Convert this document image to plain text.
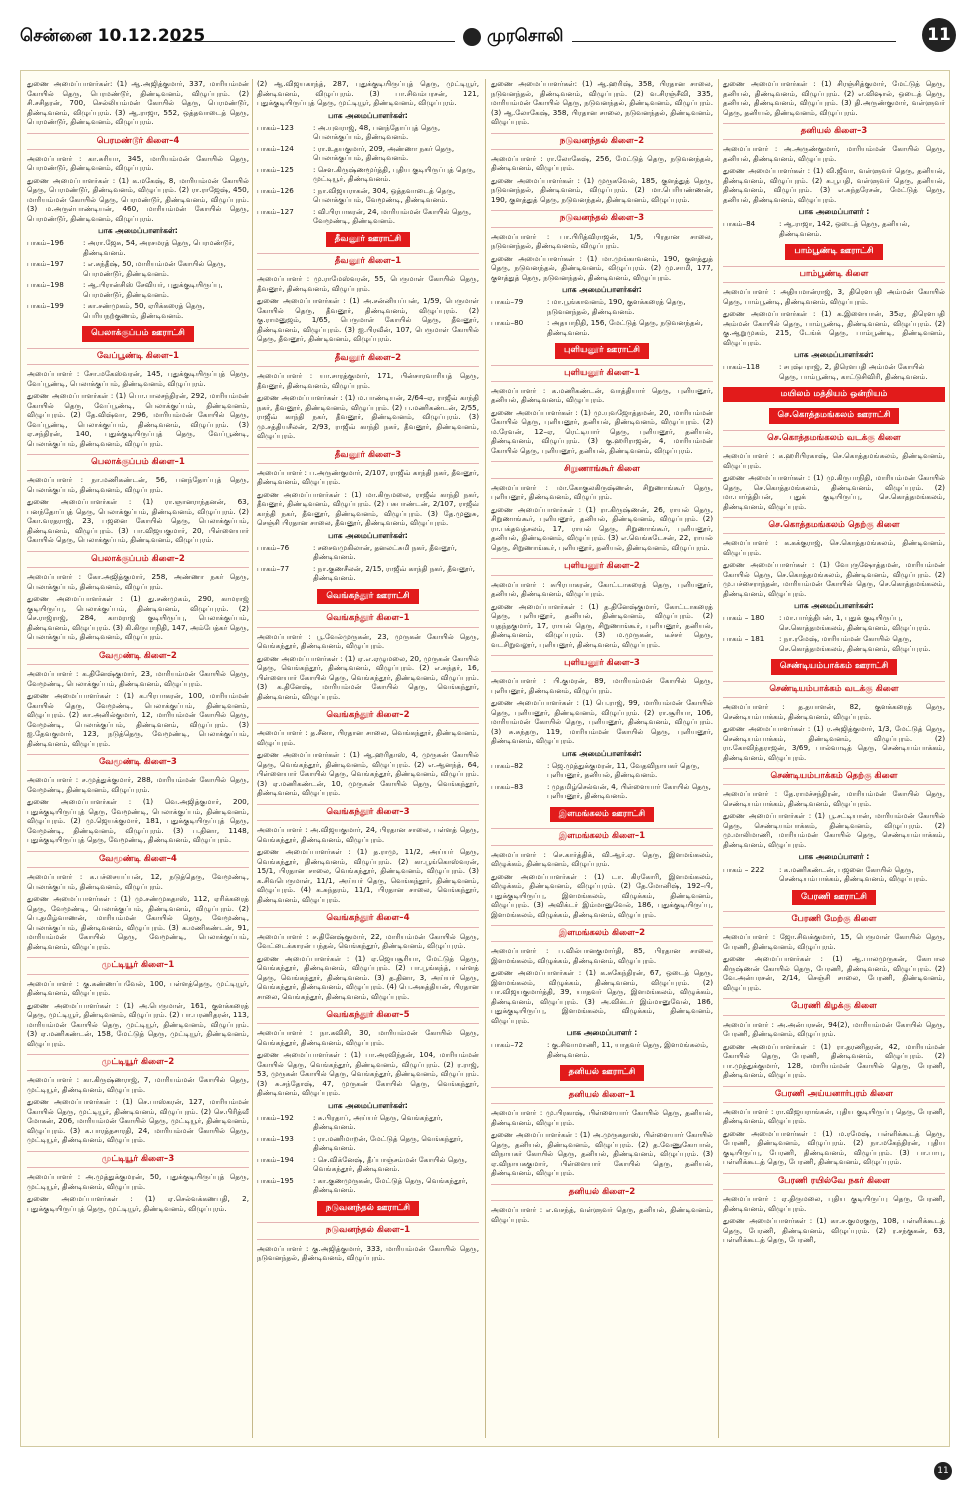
சென்னை 10.12.2025	முரசொலி	11

துணை அமைப்பாளர்கள்: (1) ஆ.அஜித்குமார், 337, மாரியம்மன் கோயில் தெரு, பெரமண்டூர், திண்டிவனம், விழுப்புரம். (2) சி.சசிதரன், 700, செல்லியம்மன் கோயில் தெரு, பெரமண்டூர், திண்டிவனம், விழுப்புரம். (3) ஆ.ராஜா, 552, ஒத்தவாடைத் தெரு, பெரமண்டூர், திண்டிவனம், விழுப்புரம்.

பெரமண்டூர் கிளை–4

அமைப்பாளர் : கா.சுரியா, 345, மாரியம்மன் கோயில் தெரு, பெரமண்டூர், திண்டிவனம், விழுப்புரம்.

துணை அமைப்பாளர்கள் : (1) க.மகேஷ், 8, மாரியம்மன் கோயில் தெரு, பெரமண்டூர், திண்டிவனம், விழுப்புரம். (2) ரா.ராஜேஷ், 450, மாரியம்மன் கோயில் தெரு, பெரமண்டூர், திண்டிவனம், விழுப்புரம். (3) ம.அருள்பாண்டியன், 460, மாரியம்மன் கோயில் தெரு, பெரமண்டூர், திண்டிவனம், விழுப்புரம்.

பாக அமைப்பாளர்கள்:
பாகம்–196	: அரா.ஜேசு, 54, அரசமரத் தெரு, பெரமண்டூர், திண்டிவனம்.
பாகம்–197	: எ.சுந்தீஷ், 50, மாரியம்மன் கோயில் தெரு, பெரமண்டூர், திண்டிவனம்.
பாகம்–198	: ஆ.பிரான்சிஸ் சேவியர், புதுக்குடியிருப்பு, பெரமண்டூர், திண்டிவனம்.
பாகம்–199	: கா.சண்முகம், 50, ஏரிக்கரைத் தெரு, பெரியநற்குணம், திண்டிவனம்.
பெலாக்குப்பம் ஊராட்சி
வேப்பூண்டி கிளை–1

அமைப்பாளர் : சோ.மகேஸ்வரன், 145, புதுக்குடியிருப்புத் தெரு, வேப்பூண்டி, பெலாக்குப்பம், திண்டிவனம், விழுப்புரம்.

துணை அமைப்பாளர்கள் : (1) பொ.பாலசந்திரன், 292, மாரியம்மன் கோயில் தெரு, வேப்பூண்டி, பெலாக்குப்பம், திண்டிவனம், விழுப்புரம். (2) தே.விஷ்வா, 296, மாரியம்மன் கோயில் தெரு, வேப்பூண்டி, பெலாக்குப்பம், திண்டிவனம், விழுப்புரம். (3) ஏ.சந்திரன், 140, புதுக்குடியிருப்புத் தெரு, வேப்பூண்டி, பெலாக்குப்பம், திண்டிவனம், விழுப்புரம்.

பெலாக்குப்பம் கிளை–1

அமைப்பாளர் : நா.மணிகண்டன், 56, பனந்தோப்புத் தெரு, பெலாக்குப்பம், திண்டிவனம், விழுப்புரம்.

துணை அமைப்பாளர்கள் : (1) ரா.ஞானராந்தனன், 63, பனந்தோப்புத் தெரு, பெலாக்குப்பம், திண்டிவனம், விழுப்புரம். (2) கோ.வரதராஜ், 23, பஜனை கோயில் தெரு, பெலாக்குப்பம், திண்டிவனம், விழுப்புரம். (3) பா.விஜயகுமார், 20, பிள்ளையார் கோயில் தெரு, பெலாக்குப்பம், திண்டிவனம், விழுப்புரம்.

பெலாக்குப்பம் கிளை–2

அமைப்பாளர் : கோ.அஜித்குமார், 258, அண்ணா நகர் தெரு, பெலாக்குப்பம், திண்டிவனம், விழுப்புரம்.

துணை அமைப்பாளர்கள் : (1) து.சண்முகம், 290, காமராஜ் குடியிருப்பு, பெலாக்குப்பம், திண்டிவனம், விழுப்புரம். (2) செ.ராஜ்ராஜ், 284, காமராஜ் குடியிருப்பு, பெலாக்குப்பம், திண்டிவனம், விழுப்புரம். (3) கி.கிருபாநிதி, 147, அம்பேத்கர் தெரு, பெலாக்குப்பம், திண்டிவனம், விழுப்புரம்.

வேமூண்டி கிளை–2

அமைப்பாளர் : க.தினேஷ்குமார், 23, மாரியம்மன் கோயில் தெரு, வேமூண்டி, பெலாக்குப்பம், திண்டிவனம், விழுப்புரம்.

துணை அமைப்பாளர்கள் : (1) க.பிரபாகரன், 100, மாரியம்மன் கோயில் தெரு, வேமூண்டி, பெலாக்குப்பம், திண்டிவனம், விழுப்புரம். (2) கா.அனில்குமார், 12, மாரியம்மன் கோயில் தெரு, வேமூண்டி, பெலாக்குப்பம், திண்டிவனம், விழுப்புரம். (3) ஐ.தேவகுமார், 123, நடுத்தெரு, வேமூண்டி, பெலாக்குப்பம், திண்டிவனம், விழுப்புரம்.

வேமூண்டி கிளை–3

அமைப்பாளர் : ச.முத்துக்குமார், 288, மாரியம்மன் கோயில் தெரு, வேமூண்டி, திண்டிவனம், விழுப்புரம்.

துணை அமைப்பாளர்கள் : (1) வெ.அஜித்குமார், 200, புதுக்குடியிருப்புத் தெரு, வேமூண்டி, பெலாக்குப்பம், திண்டிவனம், விழுப்புரம். (2) மு.ஜெயக்குமார், 181, புதுக்குடியிருப்புத் தெரு, வேமூண்டி, திண்டிவனம், விழுப்புரம். (3) ப.தினா, 1148, புதுக்குடியிருப்புத் தெரு, வேமூண்டி, திண்டிவனம், விழுப்புரம்.

வேமூண்டி கிளை–4

அமைப்பாளர் : க.பச்சையப்பன், 12, நடுத்தெரு, வேமூண்டி, பெலாக்குப்பம், திண்டிவனம், விழுப்புரம்.

துணை அமைப்பாளர்கள் : (1) மு.சண்முகதாஸ், 112, ஏரிக்கரைத் தெரு, வேமூண்டி, பெலாக்குப்பம், திண்டிவனம், விழுப்புரம். (2) பெ.தமிழ்வாணன், மாரியம்மன் கோயில் தெரு, வேமூண்டி, பெலாக்குப்பம், திண்டிவனம், விழுப்புரம். (3) க.மணிகண்டன், 91, மாரியம்மன் கோயில் தெரு, வேமூண்டி, பெலாக்குப்பம், திண்டிவனம், விழுப்புரம்.

முட்டியூர் கிளை–1

அமைப்பாளர் : கு.கண்ணப்பவேல், 100, பள்ளத்தெரு, முட்டியூர், திண்டிவனம், விழுப்புரம்.

துணை அமைப்பாளர்கள் : (1) அ.பெருமாள், 161, குளக்கரைத் தெரு, முட்டியூர், திண்டிவனம், விழுப்புரம். (2) பா.பரணிதரன், 113, மாரியம்மன் கோயில் தெரு, முட்டியூர், திண்டிவனம், விழுப்புரம். (3) ஏ.மணிகண்டன், 158, மேட்டுத் தெரு, முட்டியூர், திண்டிவனம், விழுப்புரம்.

முட்டியூர் கிளை–2

அமைப்பாளர் : கா.கிருஷ்ணராஜ், 7, மாரியம்மன் கோயில் தெரு, முட்டியூர், திண்டிவனம், விழுப்புரம்.

துணை அமைப்பாளர்கள் : (1) செ.பாஸ்கரன், 127, மாரியம்மன் கோயில் தெரு, முட்டியூர், திண்டிவனம், விழுப்புரம். (2) செ.பிரித்வீ மோகன், 206, மாரியம்மன் கோயில் தெரு, முட்டியூர், திண்டிவனம், விழுப்புரம். (3) க.பாரத்தசாரதி, 24, மாரியம்மன் கோயில் தெரு, முட்டியூர், திண்டிவனம், விழுப்புரம்.

முட்டியூர் கிளை–3

அமைப்பாளர் : அ.முத்துக்குமரன், 50, புதுக்குடியிருப்புத் தெரு, முட்டியூர், திண்டிவனம், விழுப்புரம்.

துணை அமைப்பாளர்கள் : (1) ஏ.செல்வக்கணபதி, 2, புதுக்குடியிருப்புத் தெரு, முட்டியூர், திண்டிவனம், விழுப்புரம்.

(2) ஆ.விஜயகாந்த், 287, புதுக்குடியிருப்புத் தெரு, முட்டியூர், திண்டிவனம், விழுப்புரம். (3) பா.சிவம்பரசன், 121, புதுக்குடியிருப்புத் தெரு, முட்டியூர், திண்டிவனம், விழுப்புரம்.

பாக அமைப்பாளர்கள்:
பாகம்–123	: அ.யுவராஜ், 48, பனந்தோப்புத் தெரு, பெலாக்குப்பம், திண்டிவனம்.
பாகம்–124	: ரா.உதயகுமார், 209, அண்ணா நகர் தெரு, பெலாக்குப்பம், திண்டிவனம்.
பாகம்–125	: செள.கிருஷ்ணமூர்த்தி, புதிய குடியிருப்புத் தெரு, முட்டியூர், திண்டிவனம்.
பாகம்–126	: நா.விஜயராகன், 304, ஒத்தவாடைத் தெரு, பெலாக்குப்பம், வேமூண்டி, திண்டிவனம்.
பாகம்–127	: வி.பிரபாகரன், 24, மாரியம்மன் கோயில் தெரு, வேமூண்டி, திண்டிவனம்.
தீவனூர் ஊராட்சி
தீவனூர் கிளை–1

அமைப்பாளர் : மு.ராமேஸ்வரன், 55, பெருமாள் கோயில் தெரு, தீவனூர், திண்டிவனம், விழுப்புரம்.

துணை அமைப்பாளர்கள் : (1) அ.சன்னியப்பன், 1/59, பெருமாள் கோயில் தெரு, தீவனூர், திண்டிவனம், விழுப்புரம். (2) கு.ராமனுஜம், 1/65, பெருமாள் கோயில் தெரு, தீவனூர், திண்டிவனம், விழுப்புரம். (3) ஐ.பிரவீன், 107, பெருமாள் கோயில் தெரு, தீவனூர், திண்டிவனம், விழுப்புரம்.

தீவனூர் கிளை–2

அமைப்பாளர் : யா.சாரத்குமார், 171, பின்சாரவாரியத் தெரு, தீவனூர், திண்டிவனம், விழுப்புரம்.

துணை அமைப்பாளர்கள் : (1) ம.பாண்டியன், 2/64–ஏ, ராஜீவ் காந்தி நகர், தீவனூர், திண்டிவனம், விழுப்புரம். (2) ப.மணிகண்டன், 2/55, ராஜீவ் காந்தி நகர், தீவனூர், திண்டிவனம், விழுப்புரம். (3) மு.சத்தியசீலன், 2/93, ராஜீவ் காந்தி நகர், தீவனூர், திண்டிவனம், விழுப்புரம்.

தீவனூர் கிளை–3

அமைப்பாளர் : ப.அருண்குமார், 2/107, ராஜீவ் காந்தி நகர், தீவனூர், திண்டிவனம், விழுப்புரம்.

துணை அமைப்பாளர்கள் : (1) மா.கிருமலை, ராஜீவ் காந்தி நகர், தீவனூர், திண்டிவனம், விழுப்புரம். (2) பசுபாண்டன், 2/107, ராஜீவ் காந்தி நகர், தீவனூர், திண்டிவனம், விழுப்புரம். (3) தே.முனுசு, செஞ்சி பிரதான சாலை, தீவனூர், திண்டிவனம், விழுப்புரம்.

பாக அமைப்பாளர்கள்:
பாகம்–76	: சசைவமுகிலான், தனலட்சுமி நகர், தீவனூர், திண்டிவனம்.
பாகம்–77	: நா.குணசீலன், 2/15, ராஜீவ் காந்தி நகர், தீவனூர், திண்டிவனம்.
வெங்கந்தூர் ஊராட்சி
வெங்கந்தூர் கிளை–1

அமைப்பாளர் : பூ.வேல்முருகன், 23, முருகன் கோயில் தெரு, வெங்கந்தூர், திண்டிவனம், விழுப்புரம்.

துணை அமைப்பாளர்கள் : (1) ஏ.எ.ஏழுமலை, 20, முருகன் கோயில் தெரு, வெங்கந்தூர், திண்டிவனம், விழுப்புரம். (2) எ.சுந்தர், 16, பிள்ளையார் கோயில் தெரு, வெங்கந்தூர், திண்டிவனம், விழுப்புரம். (3) க.தினேஷ், மாரியம்மன் கோயில் தெரு, வெங்கந்தூர், திண்டிவனம், விழுப்புரம்.

வெங்கந்தூர் கிளை–2

அமைப்பாளர் : த.சீனா, பிரதான சாலை, வெங்கந்தூர், திண்டிவனம், விழுப்புரம்.

துணை அமைப்பாளர்கள் : (1) ஆ.ஹரிதாஸ், 4, முருகன் கோயில் தெரு, வெங்கந்தூர், திண்டிவனம், விழுப்புரம். (2) எ.ஆனந்த், 64, பிள்ளையார் கோயில் தெரு, வெங்கந்தூர், திண்டிவனம், விழுப்புரம். (3) ஏ.மணிகண்டன், 10, முருகன் கோயில் தெரு, வெங்கந்தூர், திண்டிவனம், விழுப்புரம்.

வெங்கந்தூர் கிளை–3

அமைப்பாளர் : அ.விஜயகுமார், 24, பிரதான சாலை, பள்ளத் தெரு, வெங்கந்தூர், திண்டிவனம், விழுப்புரம்.

துணை அமைப்பாளர்கள் : (1) த.ராமு, 11/2, அய்யர் தெரு, வெங்கந்தூர், திண்டிவனம், விழுப்புரம். (2) கா.பூங்கொஸ்வரன், 15/1, பிரதான சாலை, வெங்கந்தூர், திண்டிவனம், விழுப்புரம். (3) க.சிவபெருமாள், 11/1, அய்யர் தெரு, வெங்கந்தூர், திண்டிவனம், விழுப்புரம். (4) க.சுந்தரம், 11/1, பிரதான சாலை, வெங்கந்தூர், திண்டிவனம், விழுப்புரம்.

வெங்கந்தூர் கிளை–4

அமைப்பாளர் : ச.தினேஷ்குமார், 22, மாரியம்மன் கோயில் தெரு, வேட்டைக்காரன் பந்தல், வெங்கந்தூர், திண்டிவனம், விழுப்புரம்.

துணை அமைப்பாளர்கள் : (1) ஏ.ஜெயசூரியா, மேட்டுத் தெரு, வெங்கந்தூர், திண்டிவனம், விழுப்புரம். (2) பா.பூங்கந்த், பள்ளத் தெரு, வெங்கந்தூர், திண்டிவனம். (3) த.தினா, 3, அய்யர் தெரு, வெங்கந்தூர், திண்டிவனம், விழுப்புரம். (4) பெ.அசுத்தியன், பிரதான சாலை, வெங்கந்தூர், திண்டிவனம், விழுப்புரம்.

வெங்கந்தூர் கிளை–5

அமைப்பாளர் : நா.கவிசி, 30, மாரியம்மன் கோயில் தெரு, வெங்கந்தூர், திண்டிவனம், விழுப்புரம்.

துணை அமைப்பாளர்கள் : (1) பா.அரவிந்தன், 104, மாரியம்மன் கோயில் தெரு, வெங்கந்தூர், திண்டிவனம், விழுப்புரம். (2) ர.ராஜ், 53, முருகன் கோயில் தெரு, வெங்கந்தூர், திண்டிவனம், விழுப்புரம். (3) சு.சந்தோஷ், 47, முருகன் கோயில் தெரு, வெங்கந்தூர், திண்டிவனம், விழுப்புரம்.

பாக அமைப்பாளர்கள்:
பாகம்–192	: சு.பிரதாப், அய்யர் தெரு, வெங்கந்தூர், திண்டிவனம்.
பாகம்–193	: ரா.மணிமாறன், மேட்டுத் தெரு, வெங்கந்தூர், திண்டிவனம்.
பாகம்–194	: செ.விக்னேஷ், தீப்பாஞ்சம்மன் கோயில் தெரு, வெங்கந்தூர், திண்டிவனம்.
பாகம்–195	: கா.குணமுருகன், மேட்டுத் தெரு, வெங்கந்தூர், திண்டிவனம்.
நடுவனந்தல் ஊராட்சி
நடுவனந்தல் கிளை–1

அமைப்பாளர் : கு.அஜித்குமார், 333, மாரியம்மன் கோயில் தெரு, நடுவனந்தல், திண்டிவனம், விழுப்புரம்.

துணை அமைப்பாளர்கள்: (1) ஆ.ஹரிஷ், 358, பிரதான சாலை, நடுவனந்தல், திண்டிவனம், விழுப்புரம். (2) வ.சிரஞ்சீவி, 335, மாரியம்மன் கோயில் தெரு, நடுவனந்தல், திண்டிவனம், விழுப்புரம். (3) ஆ.லோகேஷ், 358, பிரதான சாலை, நடுவனந்தல், திண்டிவனம், விழுப்புரம்.

நடுவனந்தல் கிளை–2

அமைப்பாளர் : ரா.லோகேஷ், 256, மேட்டுத் தெரு, நடுவனந்தல், திண்டிவனம், விழுப்புரம்.

துணை அமைப்பாளர்கள் : (1) முருகவேல், 185, குளத்துத் தெரு, நடுவனந்தல், திண்டிவனம், விழுப்புரம். (2) மா.பெரியண்ணன், 190, குளத்துத் தெரு, நடுவனந்தல், திண்டிவனம், விழுப்புரம்.

நடுவனந்தல் கிளை–3

அமைப்பாளர் : பா.பிரித்விராஜன், 1/5, பிரதான சாலை, நடுவனந்தல், திண்டிவனம், விழுப்புரம்.

துணை அமைப்பாளர்கள் : (1) மா.முங்காவனம், 190, குளத்துத் தெரு, நடுவனந்தல், திண்டிவனம், விழுப்புரம். (2) மு.சாமி, 177, குளத்துத் தெரு, நடுவனந்தல், திண்டிவனம், விழுப்புரம்.

பாக அமைப்பாளர்கள்:
பாகம்–79	: மா.பூங்காவனம், 190, குளக்கரைத் தெரு, நடுவனந்தல், திண்டிவனம்.
பாகம்–80	: அதயாநிதி, 156, மேட்டுத் தெரு, நடுவனந்தல், திண்டிவனம்.
புளியனூர் ஊராட்சி
புளியனூர் கிளை–1

அமைப்பாளர் : க.மணிகண்டன், வாத்தியார் தெரு, புளியனூர், தனியல், திண்டிவனம், விழுப்புரம்.

துணை அமைப்பாளர்கள் : (1) மு.யுவஜோத்தமன், 20, மாரியம்மன் கோயில் தெரு, புளியனூர், தனியல், திண்டிவனம், விழுப்புரம். (2) ம.ரேவன், 12–ஏ, ரெட்டியார் தெரு, புளியனூர், தனியல், திண்டிவனம், விழுப்புரம். (3) கு.ஹரிராஜன், 4, மாரியம்மன் கோயில் தெரு, புளியனூர், தனியல், திண்டிவனம், விழுப்புரம்.

சிறுணாங்கூர் கிளை

அமைப்பாளர் : மா.கோகுலகிருஷ்ணன், சிறுணாங்கூர் தெரு, புளியனூர், திண்டிவனம், விழுப்புரம்.

துணை அமைப்பாளர்கள் : (1) ரா.கிருஷ்ணன், 26, ராயல் தெரு, சிறுணாங்கூர், புளியனூர், தனியல், திண்டிவனம், விழுப்புரம். (2) ரா.பக்தவத்சலம், 17, ராயல் தெரு, சிறுணாங்கூர், புளியனூர், தனியல், திண்டிவனம், விழுப்புரம். (3) எ.வெங்கடேசன், 22, ராயல் தெரு, சிறுணாங்கூர், புளியனூர், தனியல், திண்டிவனம், விழுப்புரம்.

புளியனூர் கிளை–2

அமைப்பாளர் : சுபிரபாகரன், கோட்டாகரைத் தெரு, புளியனூர், தனியல், திண்டிவனம், விழுப்புரம்.

துணை அமைப்பாளர்கள் : (1) த.தினேஷ்குமார், கோட்டாகரைத் தெரு, புளியனூர், தனியல், திண்டிவனம், விழுப்புரம். (2) யுதந்தகுமார், 17, ராயல் தெரு, சிறுணாங்கூர், புளியனூர், தனியல், திண்டிவனம், விழுப்புரம். (3) ம.முருகன், டீச்சர் தெரு, வடசிறுவலூர், புளியனூர், திண்டிவனம், விழுப்புரம்.

புளியனூர் கிளை–3

அமைப்பாளர் : பி.குமரன், 89, மாரியம்மன் கோயில் தெரு, புளியனூர், திண்டிவனம், விழுப்புரம்.

துணை அமைப்பாளர்கள் : (1) பெ.ராஜ், 99, மாரியம்மன் கோயில் தெரு, புளியனூர், திண்டிவனம், விழுப்புரம். (2) ரா.சூரியா, 106, மாரியம்மன் கோயில் தெரு, புளியனூர், திண்டிவனம், விழுப்புரம். (3) சு.சுந்தரு, 119, மாரியம்மன் கோயில் தெரு, புளியனூர், திண்டிவனம், விழுப்புரம்.

பாக அமைப்பாளர்கள்:
பாகம்–82	: ஜெ.முத்துக்குமரன், 11, வேதவிநாயகர் தெரு, புளியனூர், தனியல், திண்டிவனம்.
பாகம்–83	: முதமிழ்செல்வன், 4, பிள்ளையார் கோயில் தெரு, புளியனூர், திண்டிவனம்.
இளமங்கலம் ஊராட்சி
இளமங்கலம் கிளை–1

அமைப்பாளர் : செ.கார்த்திக், வி.ஆர்.ஏ. தெரு, இளமங்கலம், விழுக்கம், திண்டிவனம், விழுப்புரம்.

துணை அமைப்பாளர்கள் : (1) டா. கிரகோரி, இளமங்கலம், விழுக்கம், திண்டிவனம், விழுப்புரம். (2) தே.மோனிஷ், 192–பி, புதுக்குடியிருப்பு, இளமங்கலம், விழுக்கம், திண்டிவனம், விழுப்புரம். (3) அவிக்டர் இம்மானுவேல், 186, புதுக்குடியிருப்பு, இளமங்கலம், விழுக்கம், திண்டிவனம், விழுப்புரம்.

இளமங்கலம் கிளை–2

அமைப்பாளர் : ப.வில்பானகுமார்தி, 85, பிரதான சாலை, இளமங்கலம், விழுக்கம், திண்டிவனம், விழுப்புரம்.

துணை அமைப்பாளர்கள் : (1) க.சுகேந்திரன், 67, ஒடைத் தெரு, இளமங்கலம், விழுக்கம், திண்டிவனம், விழுப்புரம். (2) பா.விஜயகுமார்த்தி, 39, யாதவர் தெரு, இளமங்கலம், விழுக்கம், திண்டிவனம், விழுப்புரம். (3) அ.விக்டர் இம்மானுவேல், 186, புதுக்குடியிருப்பு, இளமங்கலம், விழுக்கம், திண்டிவனம், விழுப்புரம்.

பாக அமைப்பாளர் :
பாகம்–72	: கு.சிவாமாணி, 11, யாதவர் தெரு, இளமங்கலம், திண்டிவனம்.
தனியல் ஊராட்சி
தனியல் கிளை–1

அமைப்பாளர் : மு.பிரகாஷ், பிள்ளையார் கோயில் தெரு, தனியல், திண்டிவனம், விழுப்புரம்.

துணை அமைப்பாளர்கள் : (1) அ.முருகதாஸ், பிள்ளையார் கோயில் தெரு, தனியல், திண்டிவனம், விழுப்புரம். (2) த.வேணுகோபால், விநாயகர் கோயில் தெரு, தனியல், திண்டிவனம், விழுப்புரம். (3) ஏ.விநாயககுமார், பிள்ளையார் கோயில் தெரு, தனியல், திண்டிவனம், விழுப்புரம்.

தனியல் கிளை–2

அமைப்பாளர் : எ.வசந்த், வள்ளுவர் தெரு, தனியல், திண்டிவனம், விழுப்புரம்.

துணை அமைப்பாளர்கள் : (1) சிரஞ்சித்குமார், மேட்டுத் தெரு, தனியல், திண்டிவனம், விழுப்புரம். (2) எ.விஷால், ஒடைத் தெரு, தனியல், திண்டிவனம், விழுப்புரம். (3) தி.அருண்குமார், வள்ளுவர் தெரு, தனியல், திண்டிவனம், விழுப்புரம்.

தனியல் கிளை–3

அமைப்பாளர் : அ.அருண்குமார், மாரியம்மன் கோயில் தெரு, தனியல், திண்டிவனம், விழுப்புரம்.

துணை அமைப்பாளர்கள் : (1) வி.ஜீவா, வள்ளுவர் தெரு, தனியல், திண்டிவனம், விழுப்புரம். (2) க.பூபதி, வள்ளுவர் தெரு, தனியல், திண்டிவனம், விழுப்புரம். (3) எ.சுந்தரேசன், மேட்டுத் தெரு, தனியல், திண்டிவனம், விழுப்புரம்.

பாக அமைப்பாளர் :
பாகம்–84	: ஆ.ராஜா, 142, ஒடைத் தெரு, தனியல், திண்டிவனம்.
பாம்பூண்டி ஊராட்சி
பாம்பூண்டி கிளை

அமைப்பாளர் : அதியமான்ராஜ், 3, திரௌபதி அம்மன் கோயில் தெரு, பாம்பூண்டி, திண்டிவனம், விழுப்புரம்.

துணை அமைப்பாளர்கள் : (1) க.இளையான், 35ஏ, திரௌபதி அம்மன் கோயில் தெரு, பாம்பூண்டி, திண்டிவனம், விழுப்புரம். (2) கு.ஆறுமுகம், 215, டேங்க் தெரு, பாம்பூண்டி, திண்டிவனம், விழுப்புரம்.

பாக அமைப்பாளர்கள்:
பாகம்–118	: சபுஷ்பராஜ், 2, திரௌபதி அம்மன் கோயில் தெரு, பாம்பூண்டி, காட்டுசிவிரி, திண்டிவனம்.
மயிலம் மத்தியம் ஒன்றியம்
செ.கொத்தமங்கலம் ஊராட்சி
செ.கொத்தமங்கலம் வடக்கு கிளை

அமைப்பாளர் : க.ஹரிபிரகாஷ், செ.கொத்தமங்கலம், திண்டிவனம், விழுப்புரம்.

துணை அமைப்பாளர்கள் : (1) மு.கிருபாநிதி, மாரியம்மன் கோயில் தெரு, செ.கொத்தமங்கலம், திண்டிவனம், விழுப்புரம். (2) மா.பார்த்திபன், புதுக் குடியிருப்பு, செ.கொத்தமங்கலம், திண்டிவனம், விழுப்புரம்.

செ.கொத்தமங்கலம் தெற்கு கிளை

அமைப்பாளர் : க.கக்குராஜ், செ.கொத்தமங்கலம், திண்டிவனம், விழுப்புரம்.

துணை அமைப்பாளர்கள் : (1) வேபுருஷோத்தமன், மாரியம்மன் கோயில் தெரு, செ.கொத்தமங்கலம், திண்டிவனம், விழுப்புரம். (2) மு.பச்சைராந்தன், மாரியம்மன் கோயில் தெரு, செ.கொத்தமங்கலம், திண்டிவனம், விழுப்புரம்.

பாக அமைப்பாளர்கள்:
பாகம் – 180	: மா.பார்த்திபன், 1, புதுக் குடியிருப்பு, செ.கொத்தமங்கலம், திண்டிவனம், விழுப்புரம்.
பாகம் – 181	: நா.ரமேஷ், மாரியம்மன் கோயில் தெரு, செ.கொத்தமங்கலம், திண்டிவனம், விழுப்புரம்.
செண்டியம்பாக்கம் ஊராட்சி
செண்டியம்பாக்கம் வடக்கு கிளை

அமைப்பாளர் : த.தயாளன், 82, குளக்கரைத் தெரு, செண்டியம்பாக்கம், திண்டிவனம், விழுப்புரம்.

துணை அமைப்பாளர்கள் : (1) ர.அஜித்குமார், 1/3, மேட்டுத் தெரு, செண்டியம்பாக்கம், திண்டிவனம், விழுப்புரம். (2) ரா.கோவிந்தராஜன், 3/69, பால்வாடித் தெரு, செண்டியம்பாக்கம், திண்டிவனம், விழுப்புரம்.

செண்டியம்பாக்கம் தெற்கு கிளை

அமைப்பாளர் : தே.ராமச்சந்திரன், மாரியம்மன் கோயில் தெரு, செண்டியம்பாக்கம், திண்டிவனம், விழுப்புரம்.

துணை அமைப்பாளர்கள் : (1) பூ.சட்டியான், மாரியம்மன் கோயில் தெரு, செண்டியம்பாக்கம், திண்டிவனம், விழுப்புரம். (2) மு.மாலிமாணி, மாரியம்மன் கோயில் தெரு, செண்டியம்பாக்கம், திண்டிவனம், விழுப்புரம்.

பாக அமைப்பாளர் :
பாகம் – 222	: க.மணிகண்டன், பஜனை கோயில் தெரு, செண்டியம்பாக்கம், திண்டிவனம், விழுப்புரம்.
பேரணி ஊராட்சி
பேரணி மேற்கு கிளை

அமைப்பாளர் : ஜோ.சிவக்குமார், 15, பெருமாள் கோயில் தெரு, பேரணி, திண்டிவனம், விழுப்புரம்.

துணை அமைப்பாளர்கள் : (1) ஆ.பாலமுருகன், கோபால கிருஷ்ணன் கோயில் தெரு, பேரணி, திண்டிவனம், விழுப்புரம். (2) வே.அன்பரசன், 2/14, செஞ்சி சாலை, பேரணி, திண்டிவனம், விழுப்புரம்.

பேரணி கிழக்கு கிளை

அமைப்பாளர் : அ.அன்பரசன், 94(2), மாரியம்மன் கோயில் தெரு, பேரணி, திண்டிவனம், விழுப்புரம்.

துணை அமைப்பாளர்கள் : (1) ரா.தரணிதரன், 42, மாரியம்மன் கோயில் தெரு, பேரணி, திண்டிவனம், விழுப்புரம். (2) பா.முத்துக்குமார், 128, மாரியம்மன் கோயில் தெரு, பேரணி, திண்டிவனம், விழுப்புரம்.

பேரணி அய்யனார்புரம் கிளை

அமைப்பாளர் : ரா.விஜயராங்கன், புதிய குடியிருப்பு தெரு, பேரணி, திண்டிவனம், விழுப்புரம்.

துணை அமைப்பாளர்கள் : (1) ம.ரமேஷ், பள்ளிக்கூடத் தெரு, பேரணி, திண்டிவனம், விழுப்புரம். (2) நா.மகேந்திரன், புதிய குடியிருப்பு, பேரணி, திண்டிவனம், விழுப்புரம். (3) பா.பாபு, பள்ளிக்கூடத் தெரு, பேரணி, திண்டிவனம், விழுப்புரம்.

பேரணி ரயில்வே நகர் கிளை

அமைப்பாளர் : ஏ.திருமலை, புதிய குடியிருப்பு தெரு, பேரணி, திண்டிவனம், விழுப்புரம்.

துணை அமைப்பாளர்கள் : (1) கா.ச.குமரகுரு, 108, பள்ளிக்கூடத் தெரு, பேரணி, திண்டிவனம், விழுப்புரம். (2) ர.சந்குகன், 63, பள்ளிக்கூடத் தெரு, பேரணி,

11
